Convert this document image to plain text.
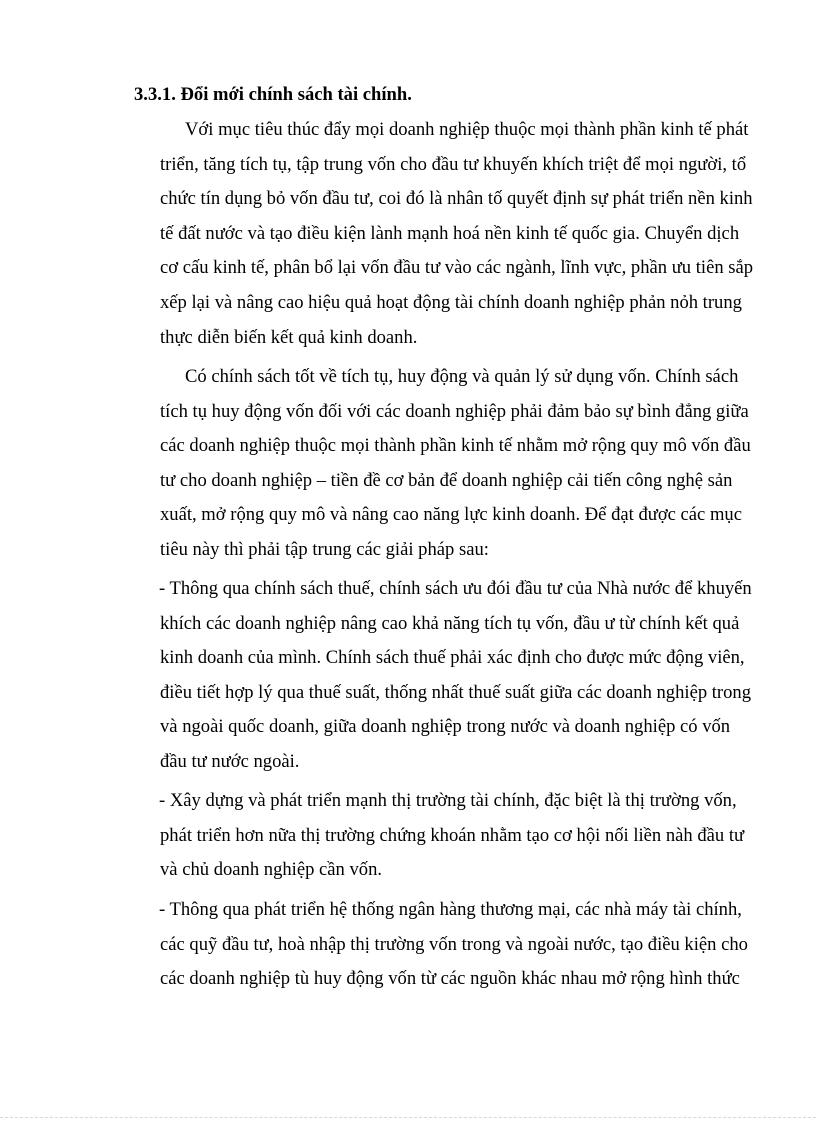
3.3.1. Đổi mới chính sách tài chính.

Với mục tiêu thúc đẩy mọi doanh nghiệp thuộc mọi thành phần kinh tế phát
triển, tăng tích tụ, tập trung vốn cho đầu tư khuyến khích triệt để mọi người, tổ
chức tín dụng bỏ vốn đầu tư, coi đó là nhân tố quyết định sự phát triển nền kinh
tế đất nước và tạo điều kiện lành mạnh hoá nền kinh tế quốc gia. Chuyển dịch
cơ cấu kinh tế, phân bổ lại vốn đầu tư vào các ngành, lĩnh vực, phần ưu tiên sắp
xếp lại và nâng cao hiệu quả hoạt động tài chính doanh nghiệp phản nỏh trung
thực diễn biến kết quả kinh doanh.

Có chính sách tốt về tích tụ, huy động và quản lý sử dụng vốn. Chính sách
tích tụ huy động vốn đối với các doanh nghiệp phải đảm bảo sự bình đẳng giữa
các doanh nghiệp thuộc mọi thành phần kinh tế nhằm mở rộng quy mô vốn đầu
tư cho doanh nghiệp – tiền đề cơ bản để doanh nghiệp cải tiến công nghệ sản
xuất, mở rộng quy mô và nâng cao năng lực kinh doanh. Để đạt được các mục
tiêu này thì phải tập trung các giải pháp sau:

- Thông qua chính sách thuế, chính sách ưu đói đầu tư của Nhà nước để khuyến
khích các doanh nghiệp nâng cao khả năng tích tụ vốn, đầu ư từ chính kết quả
kinh doanh của mình. Chính sách thuế phải xác định cho được mức động viên,
điều tiết hợp lý qua thuế suất, thống nhất thuế suất giữa các doanh nghiệp trong
và ngoài quốc doanh, giữa doanh nghiệp trong nước và doanh nghiệp có vốn
đầu tư nước ngoài.

- Xây dựng và phát triển mạnh thị trường tài chính, đặc biệt là thị trường vốn,
phát triển hơn nữa thị trường chứng khoán nhằm tạo cơ hội nối liền nàh đầu tư
và chủ doanh nghiệp cần vốn.

- Thông qua phát triển hệ thống ngân hàng thương mại, các nhà máy tài chính,
các quỹ đầu tư, hoà nhập thị trường vốn trong và ngoài nước, tạo điều kiện cho
các doanh nghiệp tù huy động vốn từ các nguồn khác nhau mở rộng hình thức
